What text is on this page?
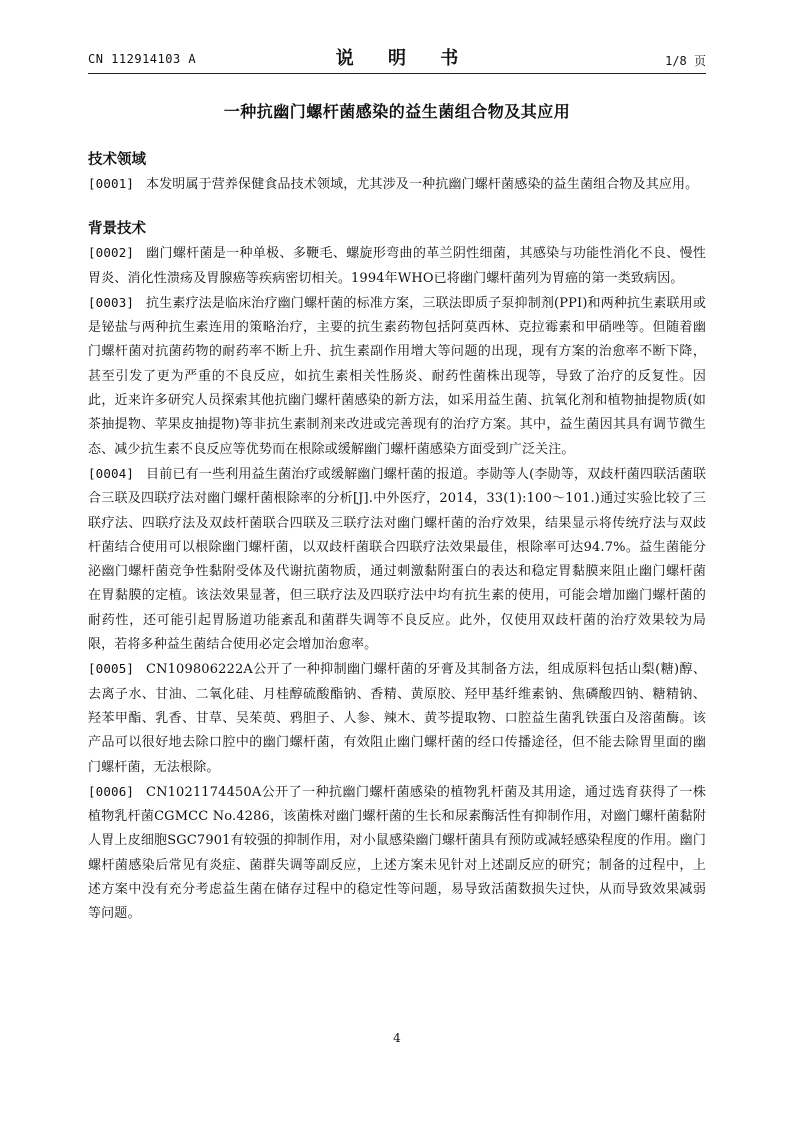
CN 112914103 A	说 明 书	1/8 页
一种抗幽门螺杆菌感染的益生菌组合物及其应用
技术领域

[0001] 本发明属于营养保健食品技术领域，尤其涉及一种抗幽门螺杆菌感染的益生菌组合物及其应用。

背景技术

[0002] 幽门螺杆菌是一种单极、多鞭毛、螺旋形弯曲的革兰阴性细菌，其感染与功能性消化不良、慢性胃炎、消化性溃疡及胃腺癌等疾病密切相关。1994年WHO已将幽门螺杆菌列为胃癌的第一类致病因。

[0003] 抗生素疗法是临床治疗幽门螺杆菌的标准方案，三联法即质子泵抑制剂(PPI)和两种抗生素联用或是铋盐与两种抗生素连用的策略治疗，主要的抗生素药物包括阿莫西林、克拉霉素和甲硝唑等。但随着幽门螺杆菌对抗菌药物的耐药率不断上升、抗生素副作用增大等问题的出现，现有方案的治愈率不断下降，甚至引发了更为严重的不良反应，如抗生素相关性肠炎、耐药性菌株出现等，导致了治疗的反复性。因此，近来许多研究人员探索其他抗幽门螺杆菌感染的新方法，如采用益生菌、抗氧化剂和植物抽提物质(如茶抽提物、苹果皮抽提物)等非抗生素制剂来改进或完善现有的治疗方案。其中，益生菌因其具有调节微生态、减少抗生素不良反应等优势而在根除或缓解幽门螺杆菌感染方面受到广泛关注。

[0004] 目前已有一些利用益生菌治疗或缓解幽门螺杆菌的报道。李勋等人(李勋等，双歧杆菌四联活菌联合三联及四联疗法对幽门螺杆菌根除率的分析[J].中外医疗，2014，33(1):100～101.)通过实验比较了三联疗法、四联疗法及双歧杆菌联合四联及三联疗法对幽门螺杆菌的治疗效果，结果显示将传统疗法与双歧杆菌结合使用可以根除幽门螺杆菌，以双歧杆菌联合四联疗法效果最佳，根除率可达94.7%。益生菌能分泌幽门螺杆菌竞争性黏附受体及代谢抗菌物质，通过刺激黏附蛋白的表达和稳定胃黏膜来阻止幽门螺杆菌在胃黏膜的定植。该法效果显著，但三联疗法及四联疗法中均有抗生素的使用，可能会增加幽门螺杆菌的耐药性，还可能引起胃肠道功能紊乱和菌群失调等不良反应。此外，仅使用双歧杆菌的治疗效果较为局限，若将多种益生菌结合使用必定会增加治愈率。

[0005] CN109806222A公开了一种抑制幽门螺杆菌的牙膏及其制备方法，组成原料包括山梨(糖)醇、去离子水、甘油、二氧化硅、月桂醇硫酸酯钠、香精、黄原胶、羟甲基纤维素钠、焦磷酸四钠、糖精钠、羟苯甲酯、乳香、甘草、吴茱萸、鸦胆子、人参、辣木、黄芩提取物、口腔益生菌乳铁蛋白及溶菌酶。该产品可以很好地去除口腔中的幽门螺杆菌，有效阻止幽门螺杆菌的经口传播途径，但不能去除胃里面的幽门螺杆菌，无法根除。

[0006] CN1021174450A公开了一种抗幽门螺杆菌感染的植物乳杆菌及其用途，通过选育获得了一株植物乳杆菌CGMCC No.4286，该菌株对幽门螺杆菌的生长和尿素酶活性有抑制作用，对幽门螺杆菌黏附人胃上皮细胞SGC7901有较强的抑制作用，对小鼠感染幽门螺杆菌具有预防或减轻感染程度的作用。幽门螺杆菌感染后常见有炎症、菌群失调等副反应，上述方案未见针对上述副反应的研究；制备的过程中，上述方案中没有充分考虑益生菌在储存过程中的稳定性等问题，易导致活菌数损失过快，从而导致效果减弱等问题。

4
